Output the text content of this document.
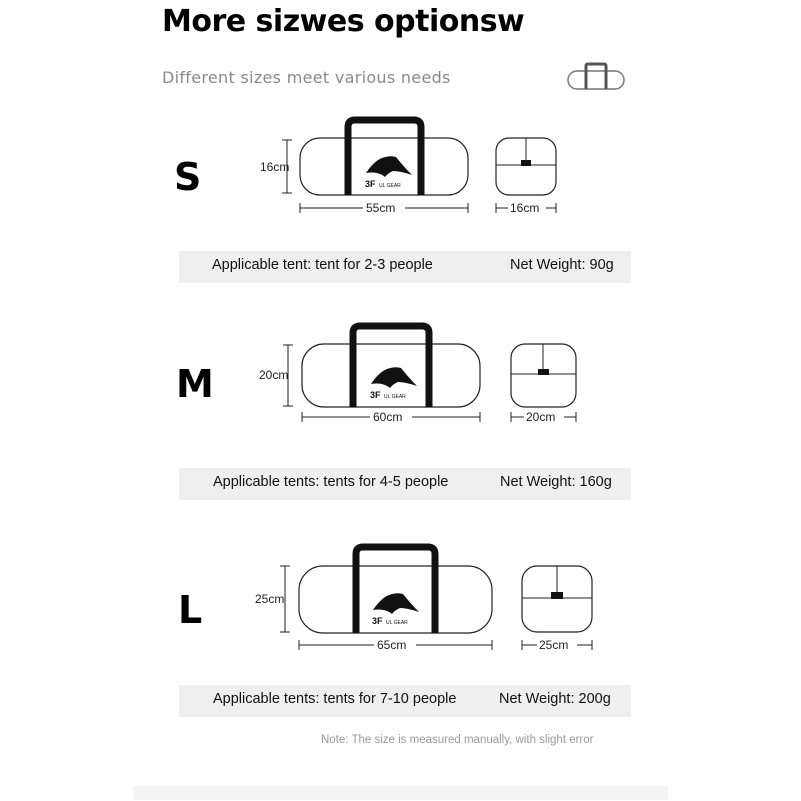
More sizwes optionsw
Different sizes meet various needs
S	16cm
3F UL GEAR
55cm	16cm
Applicable tent: tent for 2-3 people	Net Weight: 90g
M	20cm
3F UL GEAR
60cm	20cm
Applicable tents: tents for 4-5 people	Net Weight: 160g
L	25cm
3F UL GEAR
65cm	25cm
Applicable tents: tents for 7-10 people	Net Weight: 200g
Note: The size is measured manually, with slight error
